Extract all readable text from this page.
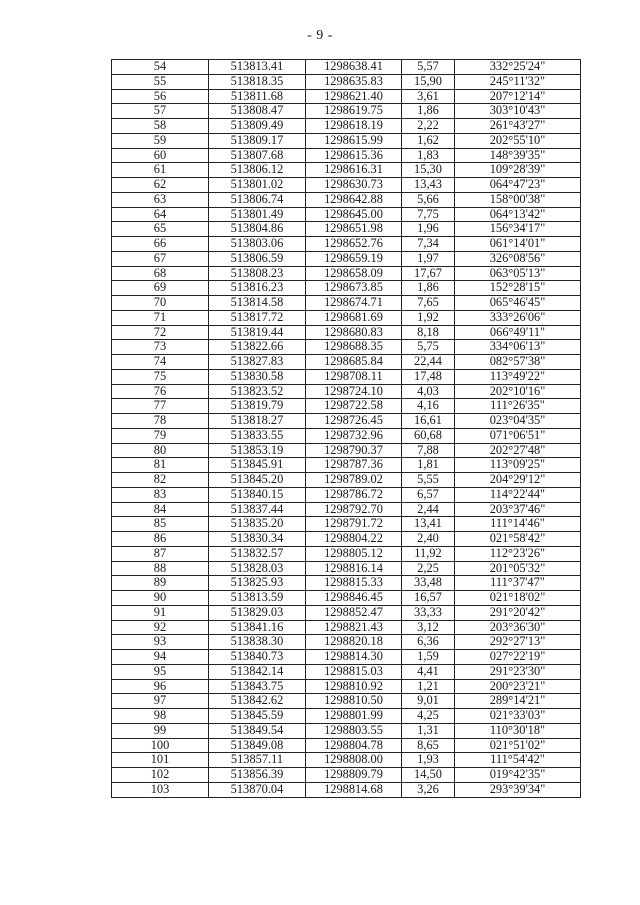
- 9 -
54	513813.41	1298638.41	5,57	332°25'24"
55	513818.35	1298635.83	15,90	245°11'32"
56	513811.68	1298621.40	3,61	207°12'14"
57	513808.47	1298619.75	1,86	303°10'43"
58	513809.49	1298618.19	2,22	261°43'27"
59	513809.17	1298615.99	1,62	202°55'10"
60	513807.68	1298615.36	1,83	148°39'35"
61	513806.12	1298616.31	15,30	109°28'39"
62	513801.02	1298630.73	13,43	064°47'23"
63	513806.74	1298642.88	5,66	158°00'38"
64	513801.49	1298645.00	7,75	064°13'42"
65	513804.86	1298651.98	1,96	156°34'17"
66	513803.06	1298652.76	7,34	061°14'01"
67	513806.59	1298659.19	1,97	326°08'56"
68	513808.23	1298658.09	17,67	063°05'13"
69	513816.23	1298673.85	1,86	152°28'15"
70	513814.58	1298674.71	7,65	065°46'45"
71	513817.72	1298681.69	1,92	333°26'06"
72	513819.44	1298680.83	8,18	066°49'11"
73	513822.66	1298688.35	5,75	334°06'13"
74	513827.83	1298685.84	22,44	082°57'38"
75	513830.58	1298708.11	17,48	113°49'22"
76	513823.52	1298724.10	4,03	202°10'16"
77	513819.79	1298722.58	4,16	111°26'35"
78	513818.27	1298726.45	16,61	023°04'35"
79	513833.55	1298732.96	60,68	071°06'51"
80	513853.19	1298790.37	7,88	202°27'48"
81	513845.91	1298787.36	1,81	113°09'25"
82	513845.20	1298789.02	5,55	204°29'12"
83	513840.15	1298786.72	6,57	114°22'44"
84	513837.44	1298792.70	2,44	203°37'46"
85	513835.20	1298791.72	13,41	111°14'46"
86	513830.34	1298804.22	2,40	021°58'42"
87	513832.57	1298805.12	11,92	112°23'26"
88	513828.03	1298816.14	2,25	201°05'32"
89	513825.93	1298815.33	33,48	111°37'47"
90	513813.59	1298846.45	16,57	021°18'02"
91	513829.03	1298852.47	33,33	291°20'42"
92	513841.16	1298821.43	3,12	203°36'30"
93	513838.30	1298820.18	6,36	292°27'13"
94	513840.73	1298814.30	1,59	027°22'19"
95	513842.14	1298815.03	4,41	291°23'30"
96	513843.75	1298810.92	1,21	200°23'21"
97	513842.62	1298810.50	9,01	289°14'21"
98	513845.59	1298801.99	4,25	021°33'03"
99	513849.54	1298803.55	1,31	110°30'18"
100	513849.08	1298804.78	8,65	021°51'02"
101	513857.11	1298808.00	1,93	111°54'42"
102	513856.39	1298809.79	14,50	019°42'35"
103	513870.04	1298814.68	3,26	293°39'34"
